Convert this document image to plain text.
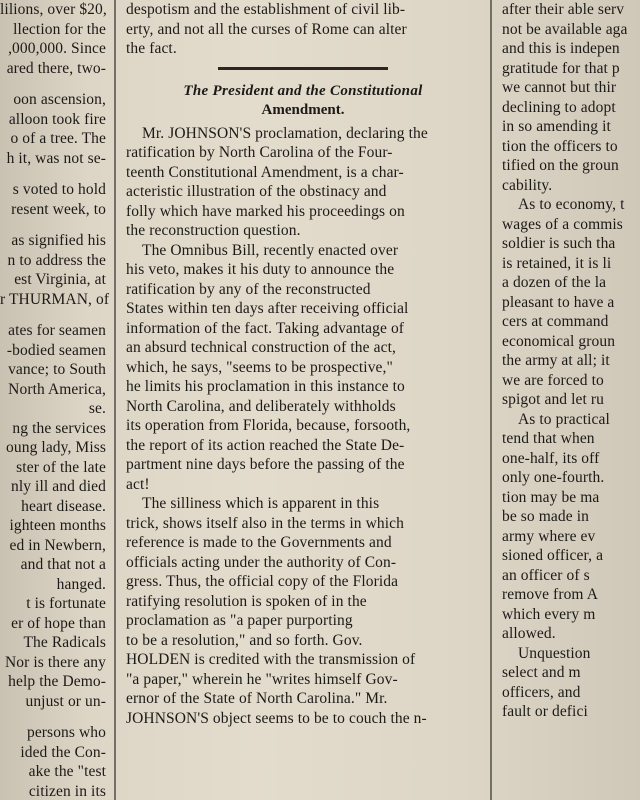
lilions, over $20,
llection for the
,000,000. Since
ared there, two-
oon ascension,
alloon took fire
o of a tree. The
h it, was not se-
s voted to hold
resent week, to
as signified his
n to address the
est Virginia, at
r THURMAN, of
ates for seamen
-bodied seamen
vance; to South
North America,
se.
ng the services
oung lady, Miss
ster of the late
nly ill and died
heart disease.
ighteen months
ed in Newbern,
and that not a
hanged.
t is fortunate
er of hope than
The Radicals
Nor is there any
help the Demo-
unjust or un-
persons who
ided the Con-
ake the "test
citizen in its
despotism and the establishment of civil lib-
erty, and not all the curses of Rome can alter
the fact.
The President and the Constitutional
Amendment.
Mr. JOHNSON'S proclamation, declaring the
ratification by North Carolina of the Four-
teenth Constitutional Amendment, is a char-
acteristic illustration of the obstinacy and
folly which have marked his proceedings on
the reconstruction question.
The Omnibus Bill, recently enacted over
his veto, makes it his duty to announce the
ratification by any of the reconstructed
States within ten days after receiving official
information of the fact. Taking advantage of
an absurd technical construction of the act,
which, he says, "seems to be prospective,"
he limits his proclamation in this instance to
North Carolina, and deliberately withholds
its operation from Florida, because, forsooth,
the report of its action reached the State De-
partment nine days before the passing of the
act!
The silliness which is apparent in this
trick, shows itself also in the terms in which
reference is made to the Governments and
officials acting under the authority of Con-
gress. Thus, the official copy of the Florida
ratifying resolution is spoken of in the
proclamation as "a paper purporting
to be a resolution," and so forth. Gov.
HOLDEN is credited with the transmission of
"a paper," wherein he "writes himself Gov-
ernor of the State of North Carolina." Mr.
JOHNSON'S object seems to be to couch the n-
after their able serv
not be available aga
and this is indepen
gratitude for that p
we cannot but thir
declining to adopt
in so amending it
tion the officers to
tified on the groun
cability.
As to economy, t
wages of a commis
soldier is such tha
is retained, it is li
a dozen of the la
pleasant to have a
cers at command
economical groun
the army at all; it
we are forced to
spigot and let ru
As to practical
tend that when
one-half, its off
only one-fourth.
tion may be ma
be so made in
army where ev
sioned officer, a
an officer of s
remove from A
which every m
allowed.
Unquestion
select and m
officers, and
fault or defici
